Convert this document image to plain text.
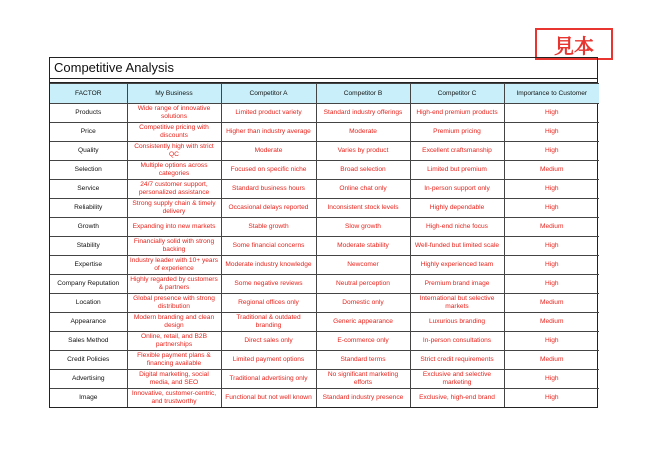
見本
Competitive Analysis
FACTOR	My Business	Competitor A	Competitor B	Competitor C	Importance to Customer
Products	Wide range of innovative solutions	Limited product variety	Standard industry offerings	High-end premium products	High
Price	Competitive pricing with discounts	Higher than industry average	Moderate	Premium pricing	High
Quality	Consistently high with strict QC	Moderate	Varies by product	Excellent craftsmanship	High
Selection	Multiple options across categories	Focused on specific niche	Broad selection	Limited but premium	Medium
Service	24/7 customer support, personalized assistance	Standard business hours	Online chat only	In-person support only	High
Reliability	Strong supply chain & timely delivery	Occasional delays reported	Inconsistent stock levels	Highly dependable	High
Growth	Expanding into new markets	Stable growth	Slow growth	High-end niche focus	Medium
Stability	Financially solid with strong backing	Some financial concerns	Moderate stability	Well-funded but limited scale	High
Expertise	Industry leader with 10+ years of experience	Moderate industry knowledge	Newcomer	Highly experienced team	High
Company Reputation	Highly regarded by customers & partners	Some negative reviews	Neutral perception	Premium brand image	High
Location	Global presence with strong distribution	Regional offices only	Domestic only	International but selective markets	Medium
Appearance	Modern branding and clean design	Traditional & outdated branding	Generic appearance	Luxurious branding	Medium
Sales Method	Online, retail, and B2B partnerships	Direct sales only	E-commerce only	In-person consultations	High
Credit Policies	Flexible payment plans & financing available	Limited payment options	Standard terms	Strict credit requirements	Medium
Advertising	Digital marketing, social media, and SEO	Traditional advertising only	No significant marketing efforts	Exclusive and selective marketing	High
Image	Innovative, customer-centric, and trustworthy	Functional but not well known	Standard industry presence	Exclusive, high-end brand	High
